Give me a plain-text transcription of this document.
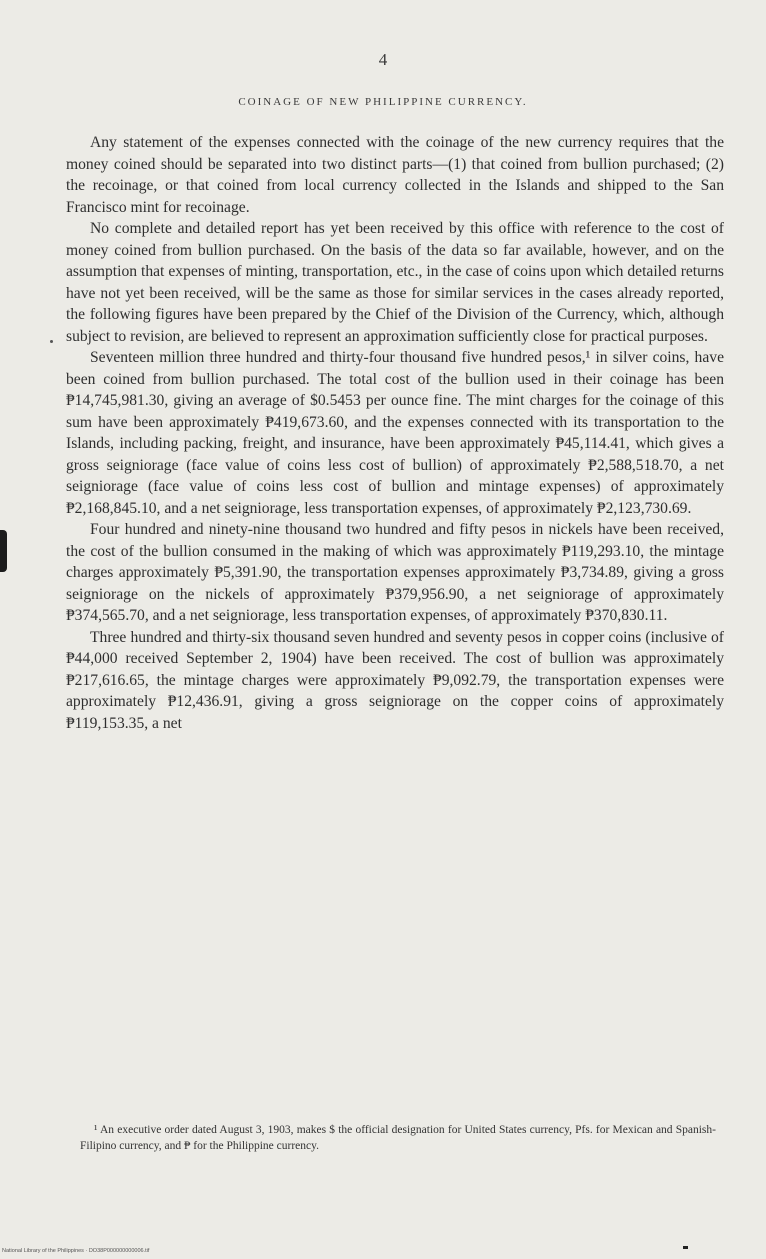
4
COINAGE OF NEW PHILIPPINE CURRENCY.

Any statement of the expenses connected with the coinage of the new currency requires that the money coined should be separated into two distinct parts—(1) that coined from bullion purchased; (2) the recoinage, or that coined from local currency collected in the Islands and shipped to the San Francisco mint for recoinage.

No complete and detailed report has yet been received by this office with reference to the cost of money coined from bullion purchased. On the basis of the data so far available, however, and on the assumption that expenses of minting, transportation, etc., in the case of coins upon which detailed returns have not yet been received, will be the same as those for similar services in the cases already reported, the following figures have been prepared by the Chief of the Division of the Currency, which, although subject to revision, are believed to represent an approximation sufficiently close for practical purposes.

Seventeen million three hundred and thirty-four thousand five hundred pesos,¹ in silver coins, have been coined from bullion purchased. The total cost of the bullion used in their coinage has been ₱14,745,981.30, giving an average of $0.5453 per ounce fine. The mint charges for the coinage of this sum have been approximately ₱419,673.60, and the expenses connected with its transportation to the Islands, including packing, freight, and insurance, have been approximately ₱45,114.41, which gives a gross seigniorage (face value of coins less cost of bullion) of approximately ₱2,588,518.70, a net seigniorage (face value of coins less cost of bullion and mintage expenses) of approximately ₱2,168,845.10, and a net seigniorage, less transportation expenses, of approximately ₱2,123,730.69.

Four hundred and ninety-nine thousand two hundred and fifty pesos in nickels have been received, the cost of the bullion consumed in the making of which was approximately ₱119,293.10, the mintage charges approximately ₱5,391.90, the transportation expenses approximately ₱3,734.89, giving a gross seigniorage on the nickels of approximately ₱379,956.90, a net seigniorage of approximately ₱374,565.70, and a net seigniorage, less transportation expenses, of approximately ₱370,830.11.

Three hundred and thirty-six thousand seven hundred and seventy pesos in copper coins (inclusive of ₱44,000 received September 2, 1904) have been received. The cost of bullion was approximately ₱217,616.65, the mintage charges were approximately ₱9,092.79, the transportation expenses were approximately ₱12,436.91, giving a gross seigniorage on the copper coins of approximately ₱119,153.35, a net

¹ An executive order dated August 3, 1903, makes $ the official designation for United States currency, Pfs. for Mexican and Spanish-Filipino currency, and ₱ for the Philippine currency.

National Library of the Philippines · DO38P000000000006.tif
